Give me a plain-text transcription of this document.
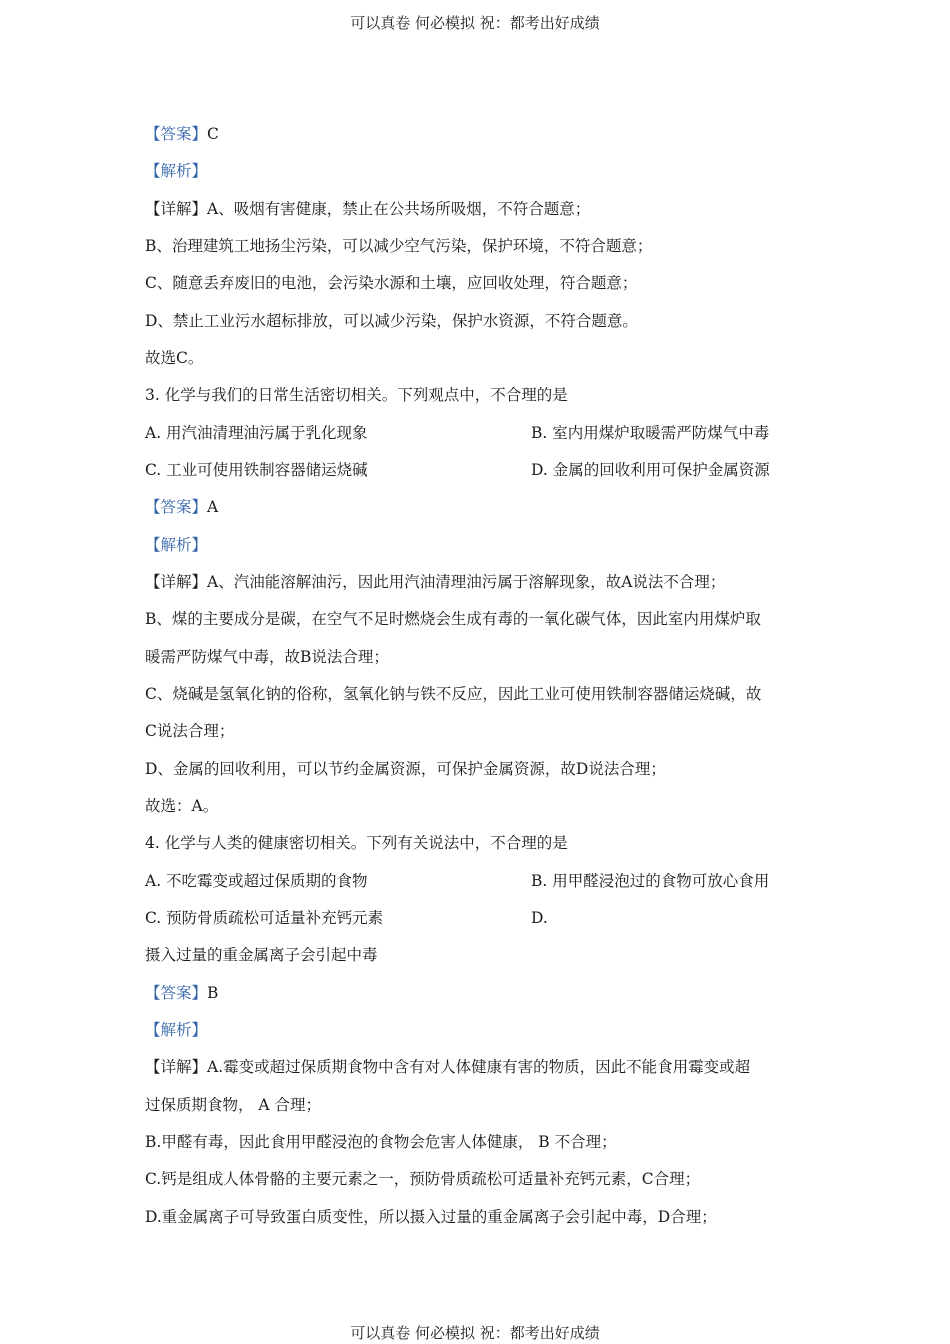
可以真卷 何必模拟 祝：都考出好成绩
【答案】C
【解析】
【详解】A、吸烟有害健康，禁止在公共场所吸烟，不符合题意；
B、治理建筑工地扬尘污染，可以减少空气污染，保护环境，不符合题意；
C、随意丢弃废旧的电池，会污染水源和土壤，应回收处理，符合题意；
D、禁止工业污水超标排放，可以减少污染，保护水资源，不符合题意。
故选C。
3. 化学与我们的日常生活密切相关。下列观点中，不合理的是
A. 用汽油清理油污属于乳化现象	B. 室内用煤炉取暖需严防煤气中毒
C. 工业可使用铁制容器储运烧碱	D. 金属的回收利用可保护金属资源
【答案】A
【解析】
【详解】A、汽油能溶解油污，因此用汽油清理油污属于溶解现象，故A说法不合理；
B、煤的主要成分是碳，在空气不足时燃烧会生成有毒的一氧化碳气体，因此室内用煤炉取
暖需严防煤气中毒，故B说法合理；
C、烧碱是氢氧化钠的俗称，氢氧化钠与铁不反应，因此工业可使用铁制容器储运烧碱，故
C说法合理；
D、金属的回收利用，可以节约金属资源，可保护金属资源，故D说法合理；
故选：A。
4. 化学与人类的健康密切相关。下列有关说法中，不合理的是
A. 不吃霉变或超过保质期的食物	B. 用甲醛浸泡过的食物可放心食用
C. 预防骨质疏松可适量补充钙元素	D.
摄入过量的重金属离子会引起中毒
【答案】B
【解析】
【详解】A.霉变或超过保质期食物中含有对人体健康有害的物质，因此不能食用霉变或超
过保质期食物， A 合理；
B.甲醛有毒，因此食用甲醛浸泡的食物会危害人体健康， B 不合理；
C.钙是组成人体骨骼的主要元素之一，预防骨质疏松可适量补充钙元素，C合理；
D.重金属离子可导致蛋白质变性，所以摄入过量的重金属离子会引起中毒，D合理；
可以真卷 何必模拟 祝：都考出好成绩
